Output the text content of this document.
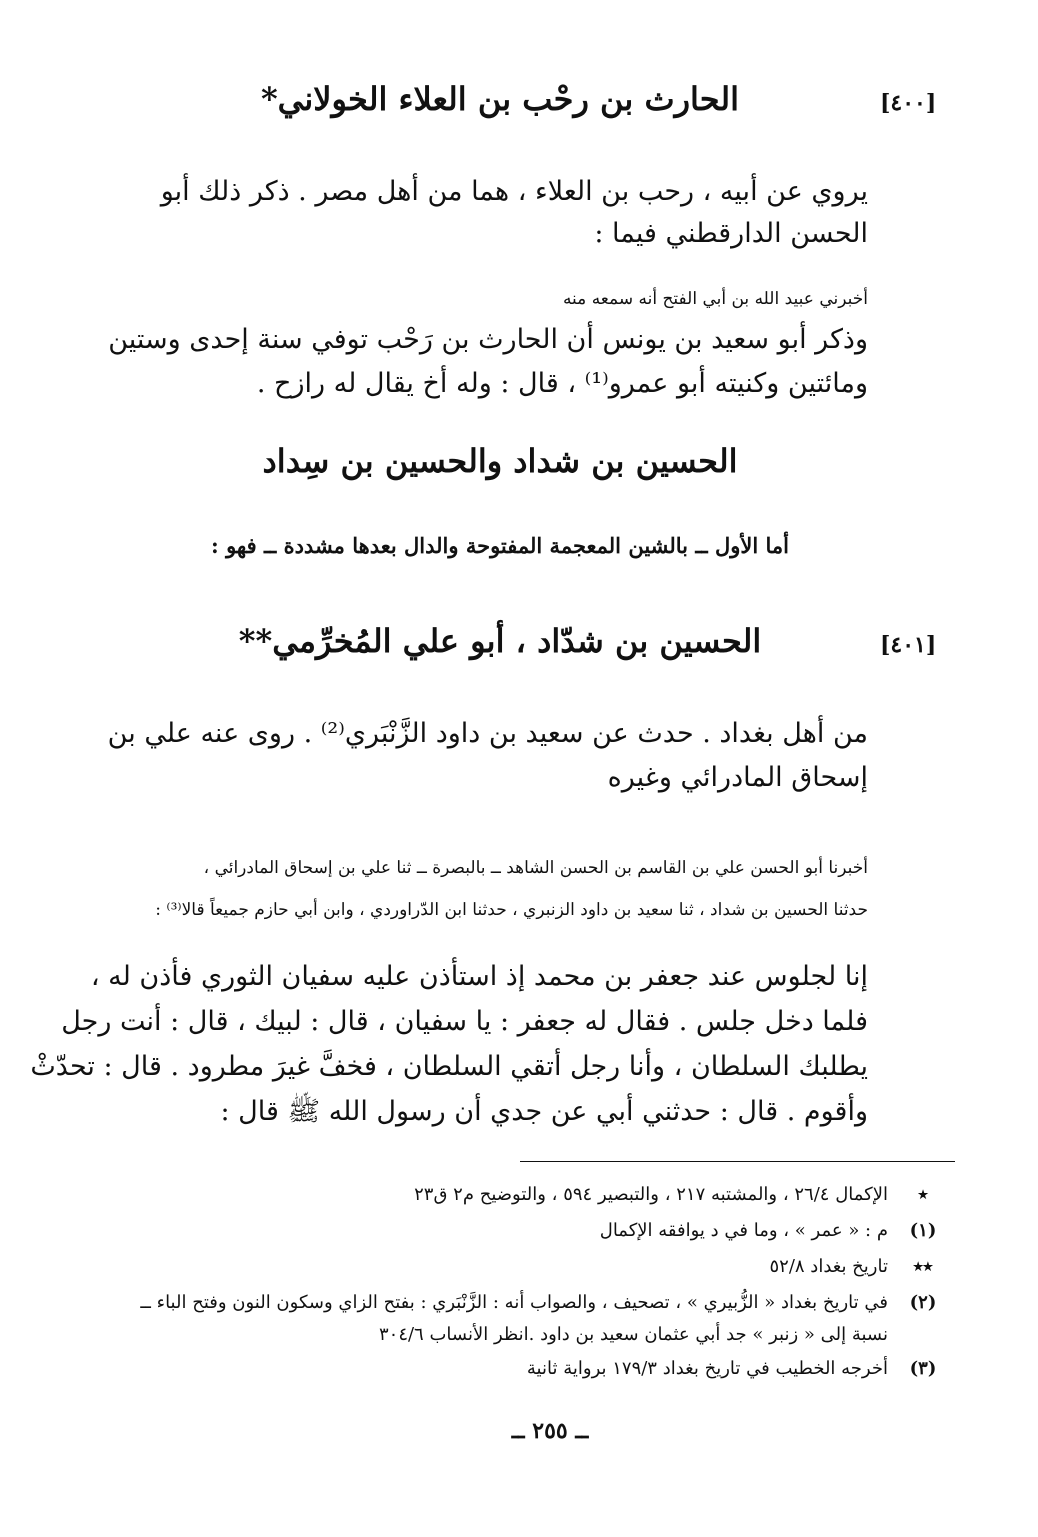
[٤٠٠]
الحارث بن رحْب بن العلاء الخولاني*
يروي عن أبيه ، رحب بن العلاء ، هما من أهل مصر . ذكر ذلك أبو
الحسن الدارقطني فيما :
أخبرني عبيد الله بن أبي الفتح أنه سمعه منه
وذكر أبو سعيد بن يونس أن الحارث بن رَحْب توفي سنة إحدى وستين
ومائتين وكنيته أبو عمرو⁽¹⁾ ، قال : وله أخ يقال له رازح .
الحسين بن شداد والحسين بن سِداد
أما الأول ــ بالشين المعجمة المفتوحة والدال بعدها مشددة ــ فهو :
[٤٠١]
الحسين بن شدّاد ، أبو علي المُخرِّمي**
من أهل بغداد . حدث عن سعيد بن داود الزَّنْبَري⁽²⁾ . روى عنه علي بن
إسحاق المادرائي وغيره
أخبرنا أبو الحسن علي بن القاسم بن الحسن الشاهد ــ بالبصرة ــ ثنا علي بن إسحاق المادرائي ،
حدثنا الحسين بن شداد ، ثنا سعيد بن داود الزنبري ، حدثنا ابن الدّراوردي ، وابن أبي حازم جميعاً قالا⁽³⁾ :
إنا لجلوس عند جعفر بن محمد إذ استأذن عليه سفيان الثوري فأذن له ،
فلما دخل جلس . فقال له جعفر : يا سفيان ، قال : لبيك ، قال : أنت رجل
يطلبك السلطان ، وأنا رجل أتقي السلطان ، فخفَّ غيرَ مطرود . قال : تحدّثْ
وأقوم . قال : حدثني أبي عن جدي أن رسول الله ﷺ قال :
٭
الإكمال ٢٦/٤ ، والمشتبه ٢١٧ ، والتبصير ٥٩٤ ، والتوضيح م٢ ق٢٣
(١)
م : « عمر » ، وما في د يوافقه الإكمال
٭٭
تاريخ بغداد ٥٢/٨
(٢)
في تاريخ بغداد « الزُّبيري » ، تصحيف ، والصواب أنه : الزَّنْبَري : بفتح الزاي وسكون النون وفتح الباء ــ
نسبة إلى « زنبر » جد أبي عثمان سعيد بن داود .انظر الأنساب ٣٠٤/٦
(٣)
أخرجه الخطيب في تاريخ بغداد ١٧٩/٣ برواية ثانية
ــ ٢٥٥ ــ
